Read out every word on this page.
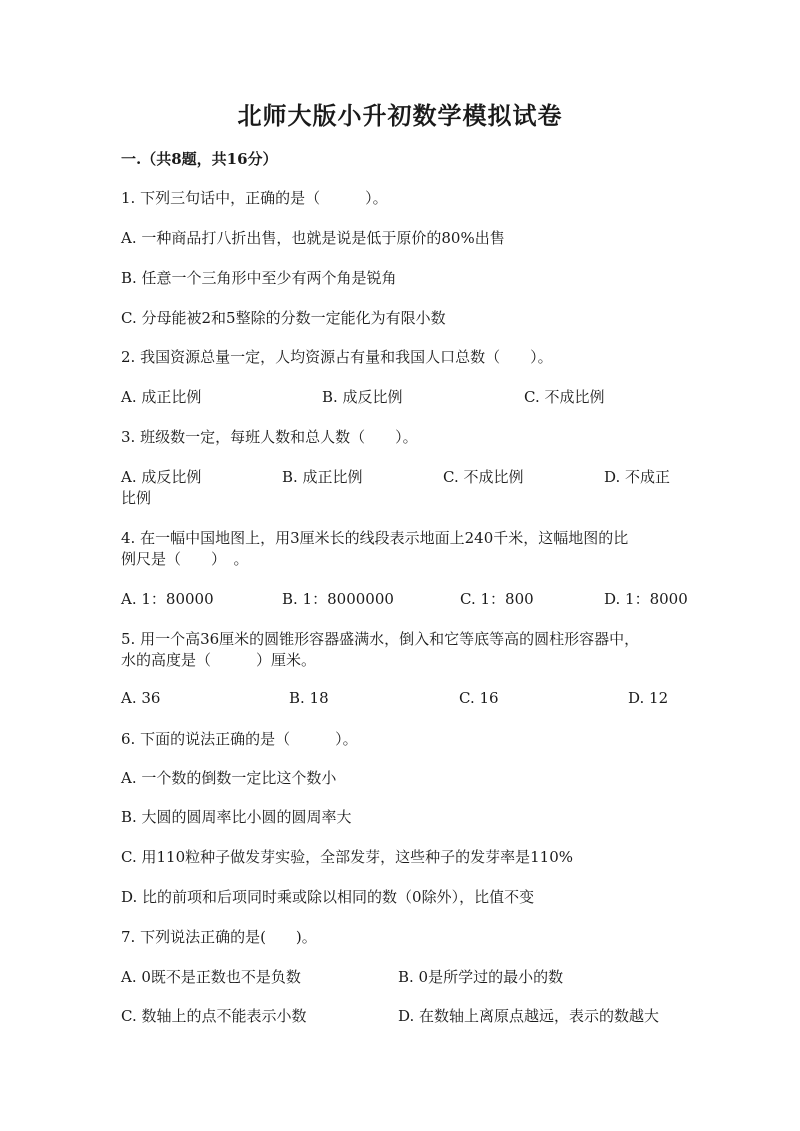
北师大版小升初数学模拟试卷
一.（共8题，共16分）
1. 下列三句话中，正确的是（　　　）。
A. 一种商品打八折出售，也就是说是低于原价的80%出售
B. 任意一个三角形中至少有两个角是锐角
C. 分母能被2和5整除的分数一定能化为有限小数
2. 我国资源总量一定，人均资源占有量和我国人口总数（　　）。
A. 成正比例	B. 成反比例	C. 不成比例
3. 班级数一定，每班人数和总人数（　　）。
A. 成反比例	B. 成正比例	C. 不成比例	D. 不成正
比例
4. 在一幅中国地图上，用3厘米长的线段表示地面上240千米，这幅地图的比
例尺是（　　）　。
A. 1：80000	B. 1：8000000	C. 1：800	D. 1：8000
5. 用一个高36厘米的圆锥形容器盛满水，倒入和它等底等高的圆柱形容器中，
水的高度是（　　　）厘米。
A. 36	B. 18	C. 16	D. 12
6. 下面的说法正确的是（　　　）。
A. 一个数的倒数一定比这个数小
B. 大圆的圆周率比小圆的圆周率大
C. 用110粒种子做发芽实验，全部发芽，这些种子的发芽率是110%
D. 比的前项和后项同时乘或除以相同的数（0除外），比值不变
7. 下列说法正确的是(　　)。
A. 0既不是正数也不是负数	B. 0是所学过的最小的数
C. 数轴上的点不能表示小数	D. 在数轴上离原点越远，表示的数越大
